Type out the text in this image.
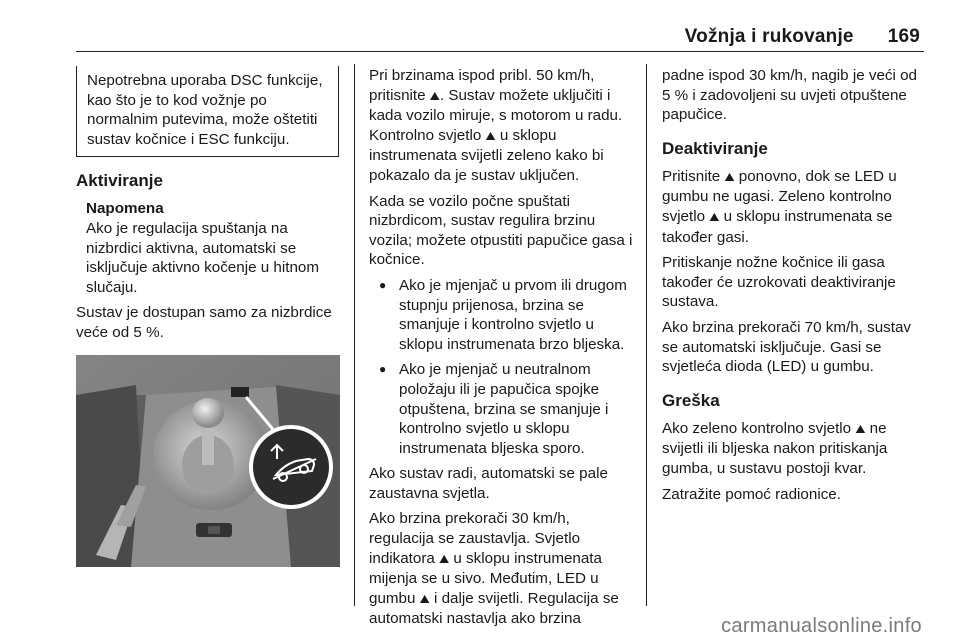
Vožnja i rukovanje 169
Nepotrebna uporaba DSC funkcije, kao što je to kod vožnje po normalnim putevima, može oštetiti sustav kočnice i ESC funkciju.
Aktiviranje
Napomena
Ako je regulacija spuštanja na nizbrdici aktivna, automatski se isključuje aktivno kočenje u hitnom slučaju.

Sustav je dostupan samo za nizbrdice veće od 5 %.

Pri brzinama ispod pribl. 50 km/h, pritisnite ⛰. Sustav možete uključiti i kada vozilo miruje, s motorom u radu. Kontrolno svjetlo ⛰ u sklopu instrumenata svijetli zeleno kako bi pokazalo da je sustav uključen.

Kada se vozilo počne spuštati nizbrdicom, sustav regulira brzinu vozila; možete otpustiti papučice gasa i kočnice.

● Ako je mjenjač u prvom ili drugom stupnju prijenosa, brzina se smanjuje i kontrolno svjetlo u sklopu instrumenata brzo bljeska.
● Ako je mjenjač u neutralnom položaju ili je papučica spojke otpuštena, brzina se smanjuje i kontrolno svjetlo u sklopu instrumenata bljeska sporo.

Ako sustav radi, automatski se pale zaustavna svjetla.

Ako brzina prekorači 30 km/h, regulacija se zaustavlja. Svjetlo indikatora ⛰ u sklopu instrumenata mijenja se u sivo. Međutim, LED u gumbu ⛰ i dalje svijetli. Regulacija se automatski nastavlja ako brzina

padne ispod 30 km/h, nagib je veći od 5 % i zadovoljeni su uvjeti otpuštene papučice.

Deaktiviranje

Pritisnite ⛰ ponovno, dok se LED u gumbu ne ugasi. Zeleno kontrolno svjetlo ⛰ u sklopu instrumenata se također gasi.

Pritiskanje nožne kočnice ili gasa također će uzrokovati deaktiviranje sustava.

Ako brzina prekorači 70 km/h, sustav se automatski isključuje. Gasi se svjetleća dioda (LED) u gumbu.

Greška

Ako zeleno kontrolno svjetlo ⛰ ne svijetli ili bljeska nakon pritiskanja gumba, u sustavu postoji kvar.

Zatražite pomoć radionice.

carmanualsonline.info
